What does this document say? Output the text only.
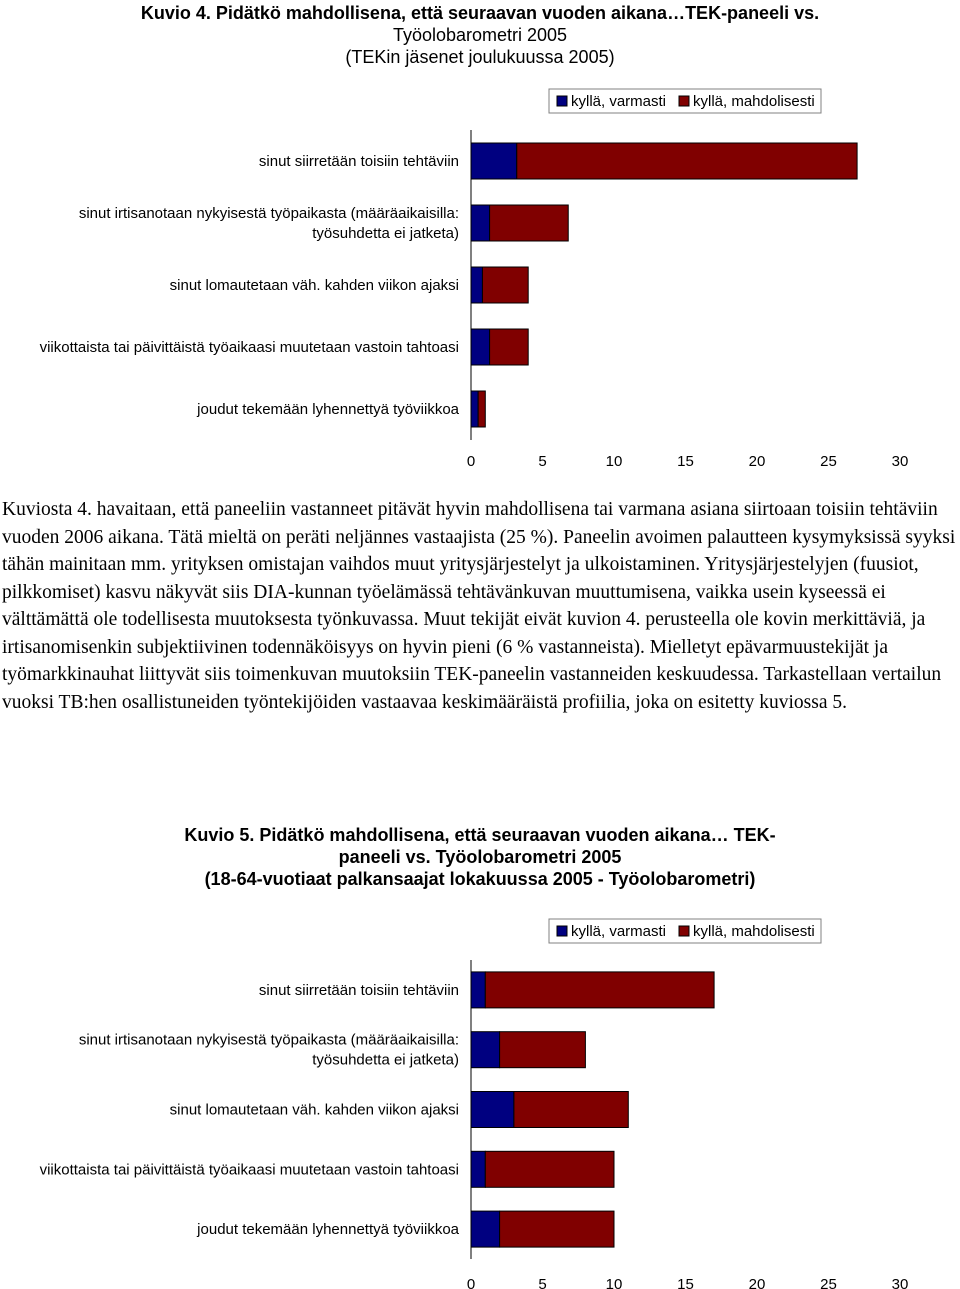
Kuvio 4. Pidätkö mahdollisena, että seuraavan vuoden aikana…TEK-paneeli vs.
Työolobarometri 2005
(TEKin jäsenet joulukuussa 2005)
kyllä, varmasti kyllä, mahdolisesti
sinut siirretään toisiin tehtäviin
sinut irtisanotaan nykyisestä työpaikasta (määräaikaisilla: työsuhdetta ei jatketa)
sinut lomautetaan väh. kahden viikon ajaksi
viikottaista tai päivittäistä työaikaasi muutetaan vastoin tahtoasi
joudut tekemään lyhennettyä työviikkoa
0	5	10	15	20	25	30

Kuviosta 4. havaitaan, että paneeliin vastanneet pitävät hyvin mahdollisena tai varmana asiana siirtoaan toisiin tehtäviin vuoden 2006 aikana. Tätä mieltä on peräti neljännes vastaajista (25 %). Paneelin avoimen palautteen kysymyksissä syyksi tähän mainitaan mm. yrityksen omistajan vaihdos muut yritysjärjestelyt ja ulkoistaminen. Yritysjärjestelyjen (fuusiot, pilkkomiset) kasvu näkyvät siis DIA-kunnan työelämässä tehtävänkuvan muuttumisena, vaikka usein kyseessä ei välttämättä ole todellisesta muutoksesta työnkuvassa. Muut tekijät eivät kuvion 4. perusteella ole kovin merkittäviä, ja irtisanomisenkin subjektiivinen todennäköisyys on hyvin pieni (6 % vastanneista). Mielletyt epävarmuustekijät ja työmarkkinauhat liittyvät siis toimenkuvan muutoksiin TEK-paneelin vastanneiden keskuudessa. Tarkastellaan vertailun vuoksi TB:hen osallistuneiden työntekijöiden vastaavaa keskimääräistä profiilia, joka on esitetty kuviossa 5.

Kuvio 5. Pidätkö mahdollisena, että seuraavan vuoden aikana… TEK-
paneeli vs. Työolobarometri 2005
(18-64-vuotiaat palkansaajat lokakuussa 2005 - Työolobarometri)
kyllä, varmasti kyllä, mahdolisesti
sinut siirretään toisiin tehtäviin
sinut irtisanotaan nykyisestä työpaikasta (määräaikaisilla: työsuhdetta ei jatketa)
sinut lomautetaan väh. kahden viikon ajaksi
viikottaista tai päivittäistä työaikaasi muutetaan vastoin tahtoasi
joudut tekemään lyhennettyä työviikkoa
0	5	10	15	20	25	30
